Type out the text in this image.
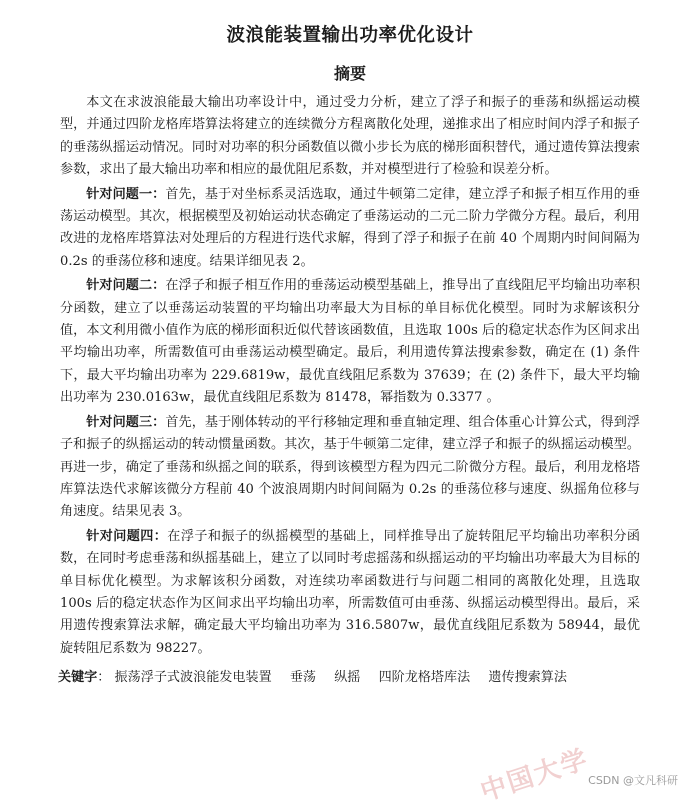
波浪能装置输出功率优化设计
摘要

本文在求波浪能最大输出功率设计中，通过受力分析，建立了浮子和振子的垂荡和纵摇运动模型，并通过四阶龙格库塔算法将建立的连续微分方程离散化处理，递推求出了相应时间内浮子和振子的垂荡纵摇运动情况。同时对功率的积分函数值以微小步长为底的梯形面积替代，通过遗传算法搜索参数，求出了最大输出功率和相应的最优阻尼系数，并对模型进行了检验和误差分析。

针对问题一：首先，基于对坐标系灵活选取，通过牛顿第二定律，建立浮子和振子相互作用的垂荡运动模型。其次，根据模型及初始运动状态确定了垂荡运动的二元二阶力学微分方程。最后，利用改进的龙格库塔算法对处理后的方程进行迭代求解，得到了浮子和振子在前 40 个周期内时间间隔为 0.2s 的垂荡位移和速度。结果详细见表 2。

针对问题二：在浮子和振子相互作用的垂荡运动模型基础上，推导出了直线阻尼平均输出功率积分函数，建立了以垂荡运动装置的平均输出功率最大为目标的单目标优化模型。同时为求解该积分值，本文利用微小值作为底的梯形面积近似代替该函数值，且选取 100s 后的稳定状态作为区间求出平均输出功率，所需数值可由垂荡运动模型确定。最后，利用遗传算法搜索参数，确定在 (1) 条件下，最大平均输出功率为 229.6819w，最优直线阻尼系数为 37639；在 (2) 条件下，最大平均输出功率为 230.0163w，最优直线阻尼系数为 81478，幂指数为 0.3377 。

针对问题三：首先，基于刚体转动的平行移轴定理和垂直轴定理、组合体重心计算公式，得到浮子和振子的纵摇运动的转动惯量函数。其次，基于牛顿第二定律，建立浮子和振子的纵摇运动模型。再进一步，确定了垂荡和纵摇之间的联系，得到该模型方程为四元二阶微分方程。最后，利用龙格塔库算法迭代求解该微分方程前 40 个波浪周期内时间间隔为 0.2s 的垂荡位移与速度、纵摇角位移与角速度。结果见表 3。

针对问题四：在浮子和振子的纵摇模型的基础上，同样推导出了旋转阻尼平均输出功率积分函数，在同时考虑垂荡和纵摇基础上，建立了以同时考虑摇荡和纵摇运动的平均输出功率最大为目标的单目标优化模型。为求解该积分函数，对连续功率函数进行与问题二相同的离散化处理，且选取 100s 后的稳定状态作为区间求出平均输出功率，所需数值可由垂荡、纵摇运动模型得出。最后，采用遗传搜索算法求解，确定最大平均输出功率为 316.5807w，最优直线阻尼系数为 58944，最优旋转阻尼系数为 98227。

关键字： 振荡浮子式波浪能发电装置 垂荡 纵摇 四阶龙格塔库法 遗传搜索算法
中国大学
CSDN @文凡科研
